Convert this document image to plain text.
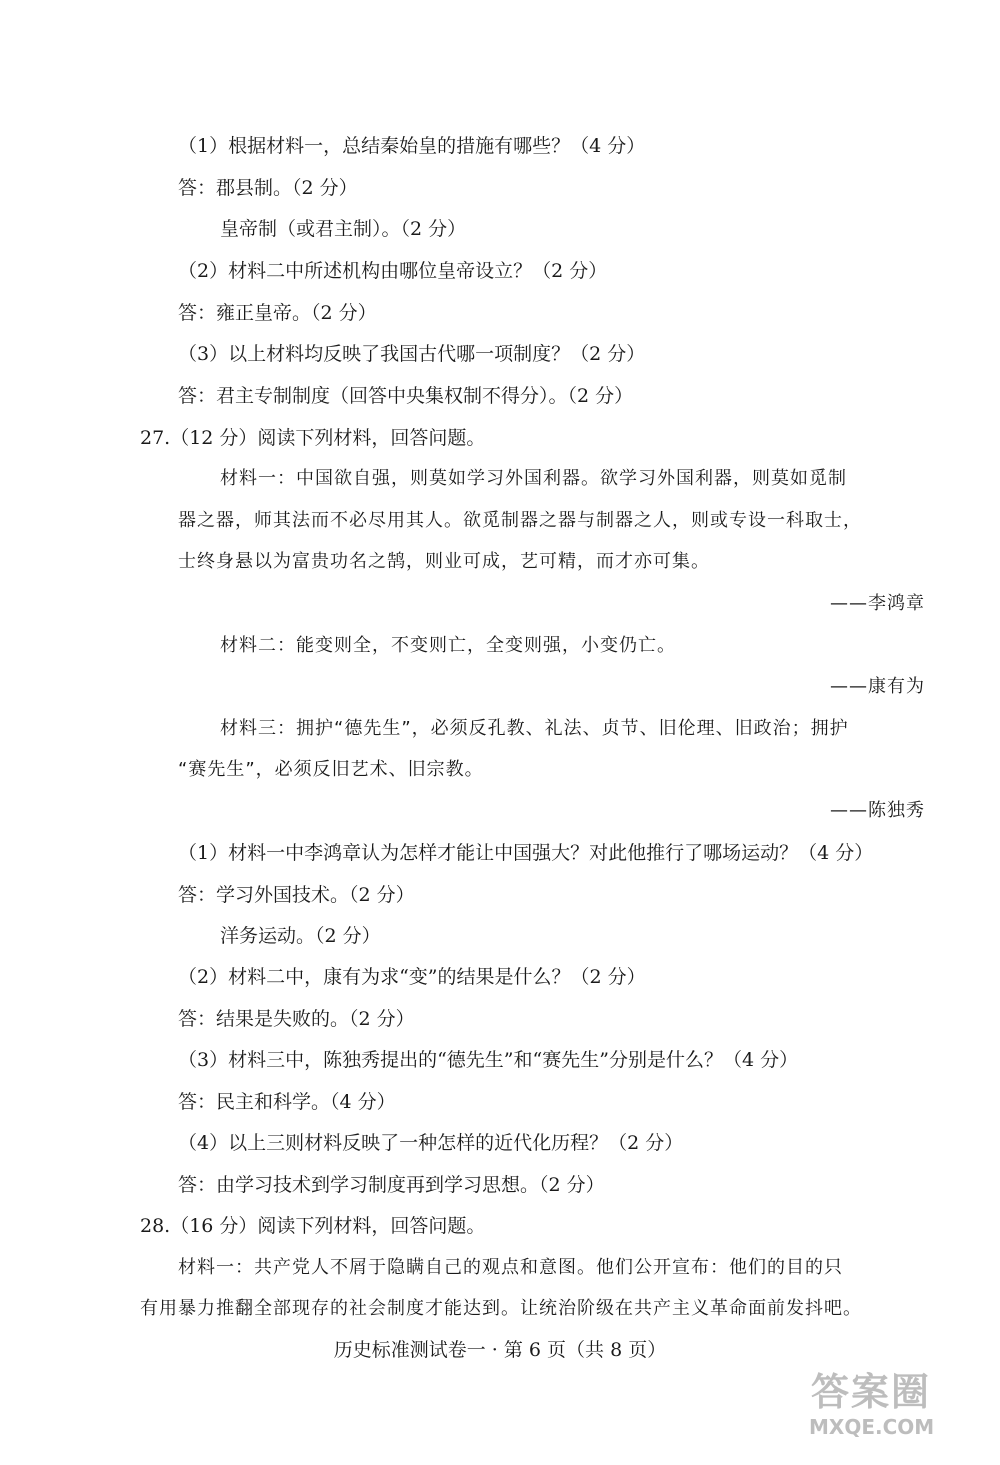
（1）根据材料一，总结秦始皇的措施有哪些？（4 分）
答：郡县制。（2 分）
皇帝制（或君主制）。（2 分）
（2）材料二中所述机构由哪位皇帝设立？（2 分）
答：雍正皇帝。（2 分）
（3）以上材料均反映了我国古代哪一项制度？（2 分）
答：君主专制制度（回答中央集权制不得分）。（2 分）
27.（12 分）阅读下列材料，回答问题。
材料一：中国欲自强，则莫如学习外国利器。欲学习外国利器，则莫如觅制
器之器，师其法而不必尽用其人。欲觅制器之器与制器之人，则或专设一科取士，
士终身悬以为富贵功名之鹄，则业可成，艺可精，而才亦可集。
——李鸿章
材料二：能变则全，不变则亡，全变则强，小变仍亡。
——康有为
材料三：拥护“德先生”，必须反孔教、礼法、贞节、旧伦理、旧政治；拥护
“赛先生”，必须反旧艺术、旧宗教。
——陈独秀
（1）材料一中李鸿章认为怎样才能让中国强大？对此他推行了哪场运动？（4 分）
答：学习外国技术。（2 分）
洋务运动。（2 分）
（2）材料二中，康有为求“变”的结果是什么？（2 分）
答：结果是失败的。（2 分）
（3）材料三中，陈独秀提出的“德先生”和“赛先生”分别是什么？（4 分）
答：民主和科学。（4 分）
（4）以上三则材料反映了一种怎样的近代化历程？（2 分）
答：由学习技术到学习制度再到学习思想。（2 分）
28.（16 分）阅读下列材料，回答问题。
材料一：共产党人不屑于隐瞒自己的观点和意图。他们公开宣布：他们的目的只
有用暴力推翻全部现存的社会制度才能达到。让统治阶级在共产主义革命面前发抖吧。
历史标准测试卷一 · 第 6 页（共 8 页）
答案圈
MXQE.COM
